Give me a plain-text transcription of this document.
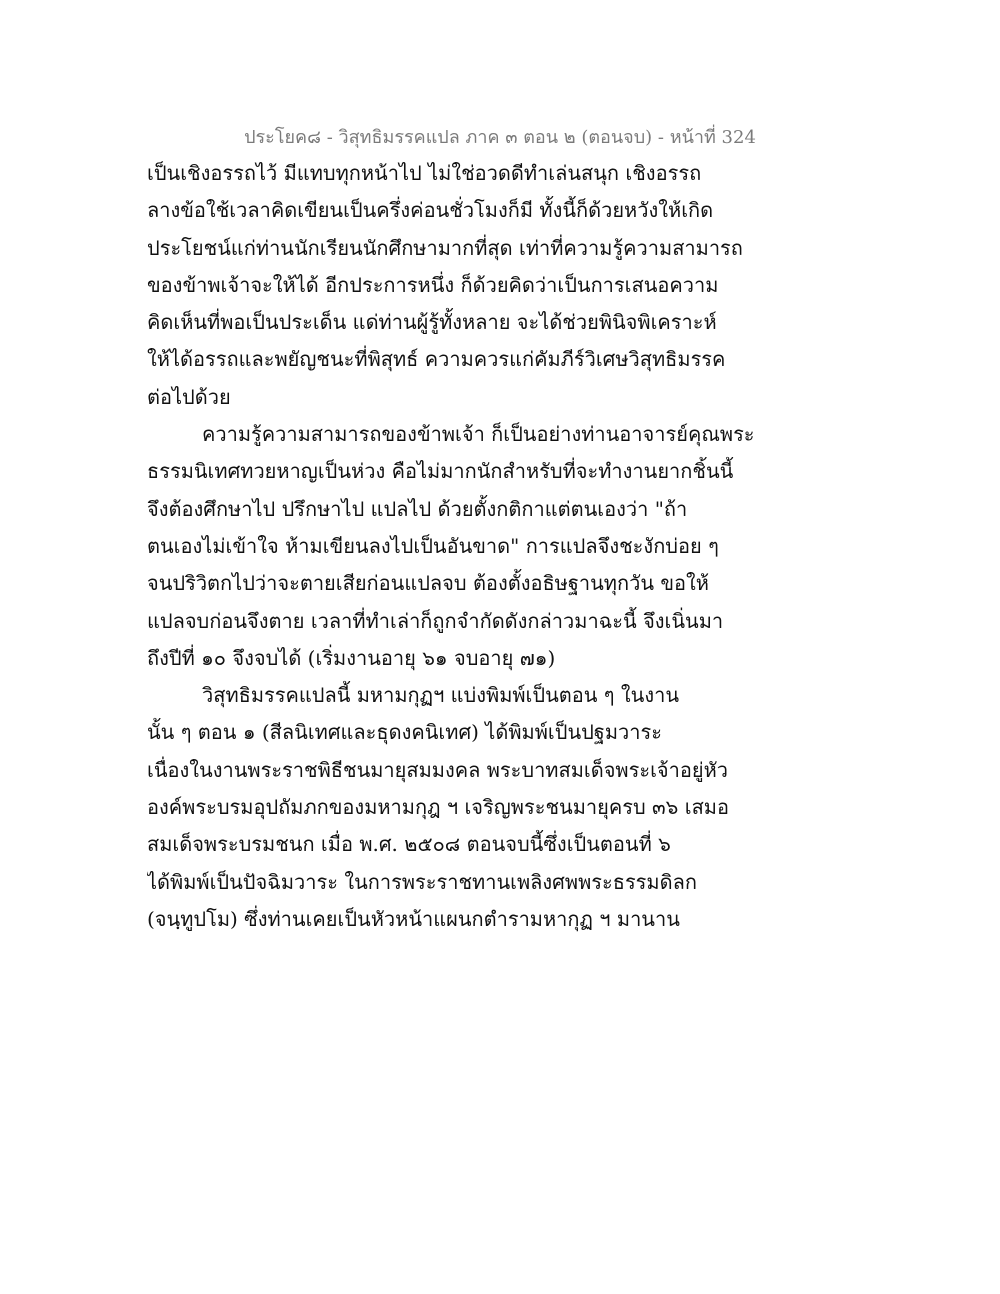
ประโยค๘ - วิสุทธิมรรคแปล ภาค ๓ ตอน ๒ (ตอนจบ) - หน้าที่ 324
เป็นเชิงอรรถไว้ มีแทบทุกหน้าไป ไม่ใช่อวดดีทำเล่นสนุก เชิงอรรถ
ลางข้อใช้เวลาคิดเขียนเป็นครึ่งค่อนชั่วโมงก็มี ทั้งนี้ก็ด้วยหวังให้เกิด
ประโยชน์แก่ท่านนักเรียนนักศึกษามากที่สุด เท่าที่ความรู้ความสามารถ
ของข้าพเจ้าจะให้ได้ อีกประการหนึ่ง ก็ด้วยคิดว่าเป็นการเสนอความ
คิดเห็นที่พอเป็นประเด็น แด่ท่านผู้รู้ทั้งหลาย จะได้ช่วยพินิจพิเคราะห์
ให้ได้อรรถและพยัญชนะที่พิสุทธ์ ความควรแก่คัมภีร์วิเศษวิสุทธิมรรค
ต่อไปด้วย
ความรู้ความสามารถของข้าพเจ้า ก็เป็นอย่างท่านอาจารย์คุณพระ
ธรรมนิเทศทวยหาญเป็นห่วง คือไม่มากนักสำหรับที่จะทำงานยากชิ้นนี้
จึงต้องศึกษาไป ปรึกษาไป แปลไป ด้วยตั้งกติกาแต่ตนเองว่า "ถ้า
ตนเองไม่เข้าใจ ห้ามเขียนลงไปเป็นอันขาด" การแปลจึงชะงักบ่อย ๆ
จนปริวิตกไปว่าจะตายเสียก่อนแปลจบ ต้องตั้งอธิษฐานทุกวัน ขอให้
แปลจบก่อนจึงตาย เวลาที่ทำเล่าก็ถูกจำกัดดังกล่าวมาฉะนี้ จึงเนิ่นมา
ถึงปีที่ ๑๐ จึงจบได้ (เริ่มงานอายุ ๖๑ จบอายุ ๗๑)
วิสุทธิมรรคแปลนี้ มหามกุฏฯ แบ่งพิมพ์เป็นตอน ๆ ในงาน
นั้น ๆ ตอน ๑ (สีลนิเทศและธุดงคนิเทศ) ได้พิมพ์เป็นปฐมวาระ
เนื่องในงานพระราชพิธีชนมายุสมมงคล พระบาทสมเด็จพระเจ้าอยู่หัว
องค์พระบรมอุปถัมภกของมหามกุฎ ฯ เจริญพระชนมายุครบ ๓๖ เสมอ
สมเด็จพระบรมชนก เมื่อ พ.ศ. ๒๕๐๘ ตอนจบนี้ซึ่งเป็นตอนที่ ๖
ได้พิมพ์เป็นปัจฉิมวาระ ในการพระราชทานเพลิงศพพระธรรมดิลก
(จนฺทูปโม) ซึ่งท่านเคยเป็นหัวหน้าแผนกตำรามหากุฏ ฯ มานาน
